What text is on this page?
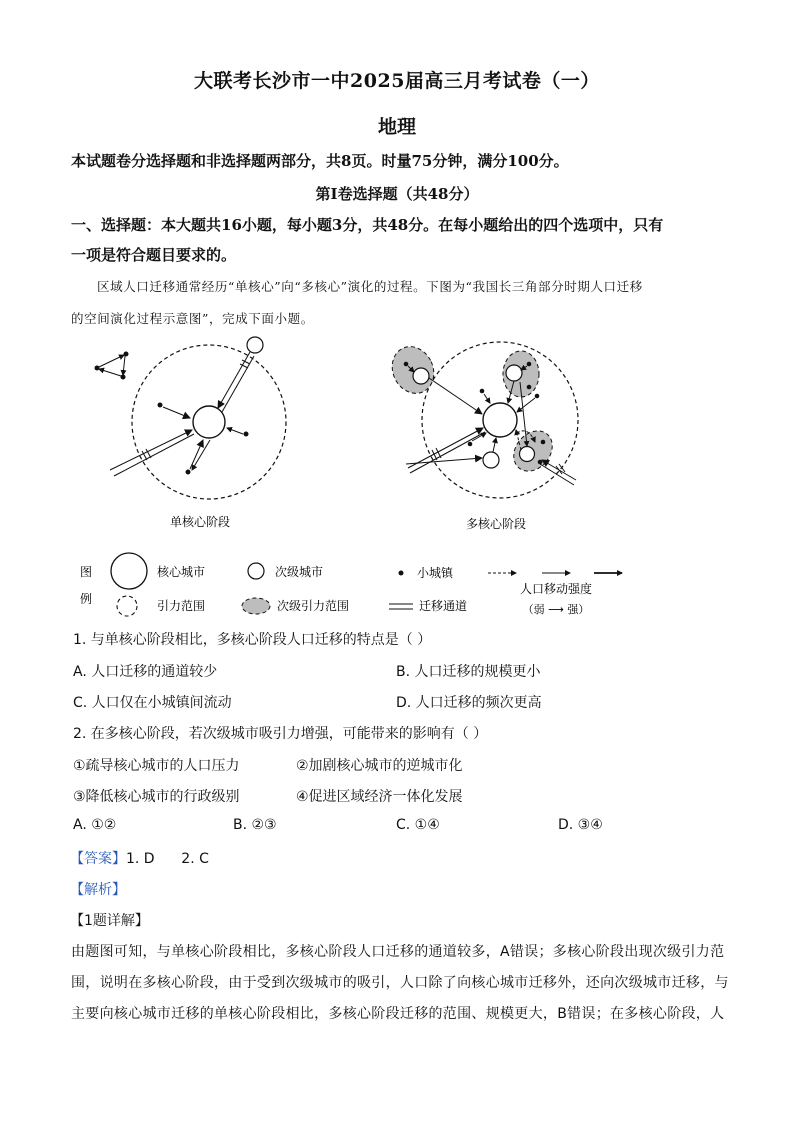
大联考长沙市一中2025届高三月考试卷（一）
地理
本试题卷分选择题和非选择题两部分，共8页。时量75分钟，满分100分。
第Ⅰ卷选择题（共48分）
一、选择题：本大题共16小题，每小题3分，共48分。在每小题给出的四个选项中，只有
一项是符合题目要求的。
区域人口迁移通常经历“单核心”向“多核心”演化的过程。下图为“我国长三角部分时期人口迁移
的空间演化过程示意图”，完成下面小题。
单核心阶段	多核心阶段
图
例
核心城市	次级城市	小城镇
人口移动强度
（弱 ⟶ 强）
引力范围	次级引力范围	迁移通道
1. 与单核心阶段相比，多核心阶段人口迁移的特点是（ ）
A. 人口迁移的通道较少	B. 人口迁移的规模更小
C. 人口仅在小城镇间流动	D. 人口迁移的频次更高
2. 在多核心阶段，若次级城市吸引力增强，可能带来的影响有（ ）
①疏导核心城市的人口压力	②加剧核心城市的逆城市化
③降低核心城市的行政级别	④促进区域经济一体化发展
A. ①②	B. ②③	C. ①④	D. ③④
【答案】1. D      2. C
【解析】
【1题详解】
由题图可知，与单核心阶段相比，多核心阶段人口迁移的通道较多，A错误；多核心阶段出现次级引力范
围，说明在多核心阶段，由于受到次级城市的吸引，人口除了向核心城市迁移外，还向次级城市迁移，与
主要向核心城市迁移的单核心阶段相比，多核心阶段迁移的范围、规模更大，B错误；在多核心阶段，人
